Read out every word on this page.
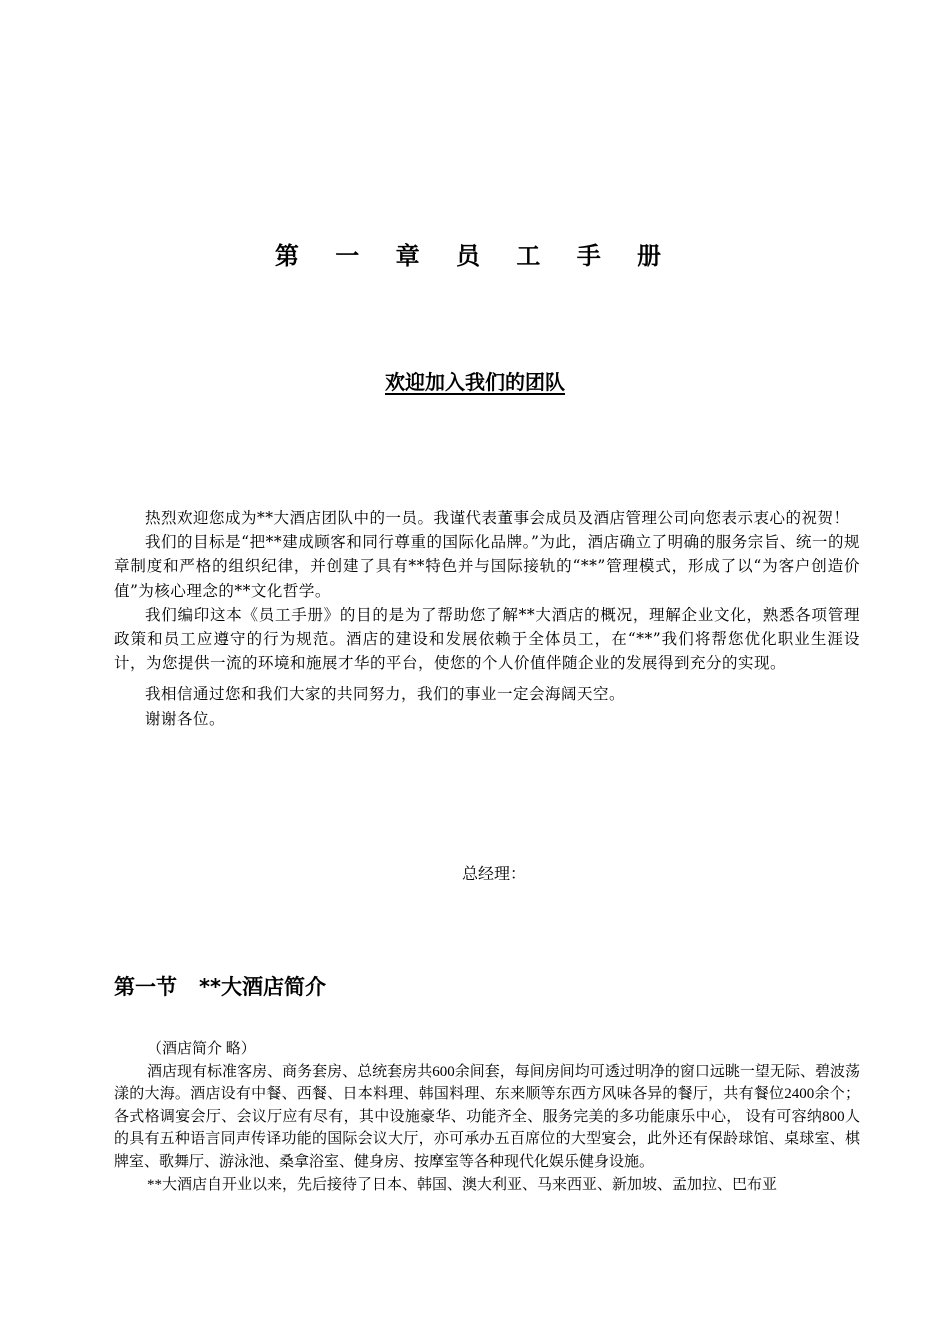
第 一 章 员 工 手 册
欢迎加入我们的团队

热烈欢迎您成为**大酒店团队中的一员。我谨代表董事会成员及酒店管理公司向您表示衷心的祝贺！

我们的目标是“把**建成顾客和同行尊重的国际化品牌。”为此，酒店确立了明确的服务宗旨、统一的规章制度和严格的组织纪律，并创建了具有**特色并与国际接轨的“**”管理模式，形成了以“为客户创造价值”为核心理念的**文化哲学。

我们编印这本《员工手册》的目的是为了帮助您了解**大酒店的概况，理解企业文化，熟悉各项管理政策和员工应遵守的行为规范。酒店的建设和发展依赖于全体员工，在“**”我们将帮您优化职业生涯设计，为您提供一流的环境和施展才华的平台，使您的个人价值伴随企业的发展得到充分的实现。

我相信通过您和我们大家的共同努力，我们的事业一定会海阔天空。

谢谢各位。

总经理：
第一节 **大酒店简介

（酒店简介 略）

酒店现有标准客房、商务套房、总统套房共600余间套，每间房间均可透过明净的窗口远眺一望无际、碧波荡漾的大海。酒店设有中餐、西餐、日本料理、韩国料理、东来顺等东西方风味各异的餐厅，共有餐位2400余个；各式格调宴会厅、会议厅应有尽有，其中设施豪华、功能齐全、服务完美的多功能康乐中心， 设有可容纳800人的具有五种语言同声传译功能的国际会议大厅，亦可承办五百席位的大型宴会，此外还有保龄球馆、桌球室、棋牌室、歌舞厅、游泳池、桑拿浴室、健身房、按摩室等各种现代化娱乐健身设施。

**大酒店自开业以来，先后接待了日本、韩国、澳大利亚、马来西亚、新加坡、孟加拉、巴布亚
